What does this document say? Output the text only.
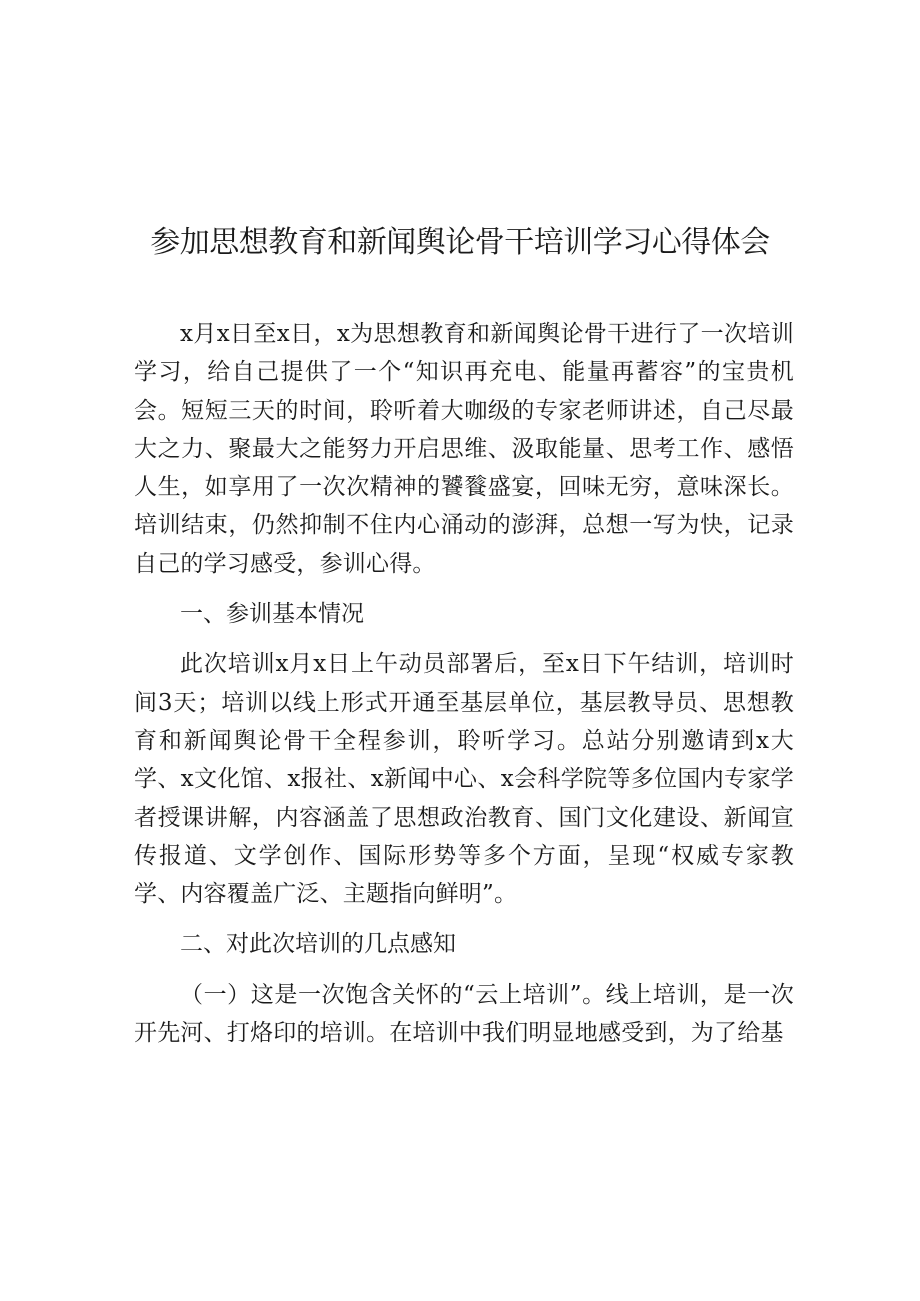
参加思想教育和新闻舆论骨干培训学习心得体会

x月x日至x日，x为思想教育和新闻舆论骨干进行了一次培训学习，给自己提供了一个“知识再充电、能量再蓄容”的宝贵机会。短短三天的时间，聆听着大咖级的专家老师讲述，自己尽最大之力、聚最大之能努力开启思维、汲取能量、思考工作、感悟人生，如享用了一次次精神的饕餮盛宴，回味无穷，意味深长。培训结束，仍然抑制不住内心涌动的澎湃，总想一写为快，记录自己的学习感受，参训心得。

一、参训基本情况

此次培训x月x日上午动员部署后，至x日下午结训，培训时间3天；培训以线上形式开通至基层单位，基层教导员、思想教育和新闻舆论骨干全程参训，聆听学习。总站分别邀请到x大学、x文化馆、x报社、x新闻中心、x会科学院等多位国内专家学者授课讲解，内容涵盖了思想政治教育、国门文化建设、新闻宣传报道、文学创作、国际形势等多个方面，呈现“权威专家教学、内容覆盖广泛、主题指向鲜明”。

二、对此次培训的几点感知

（一）这是一次饱含关怀的“云上培训”。线上培训，是一次开先河、打烙印的培训。在培训中我们明显地感受到，为了给基
